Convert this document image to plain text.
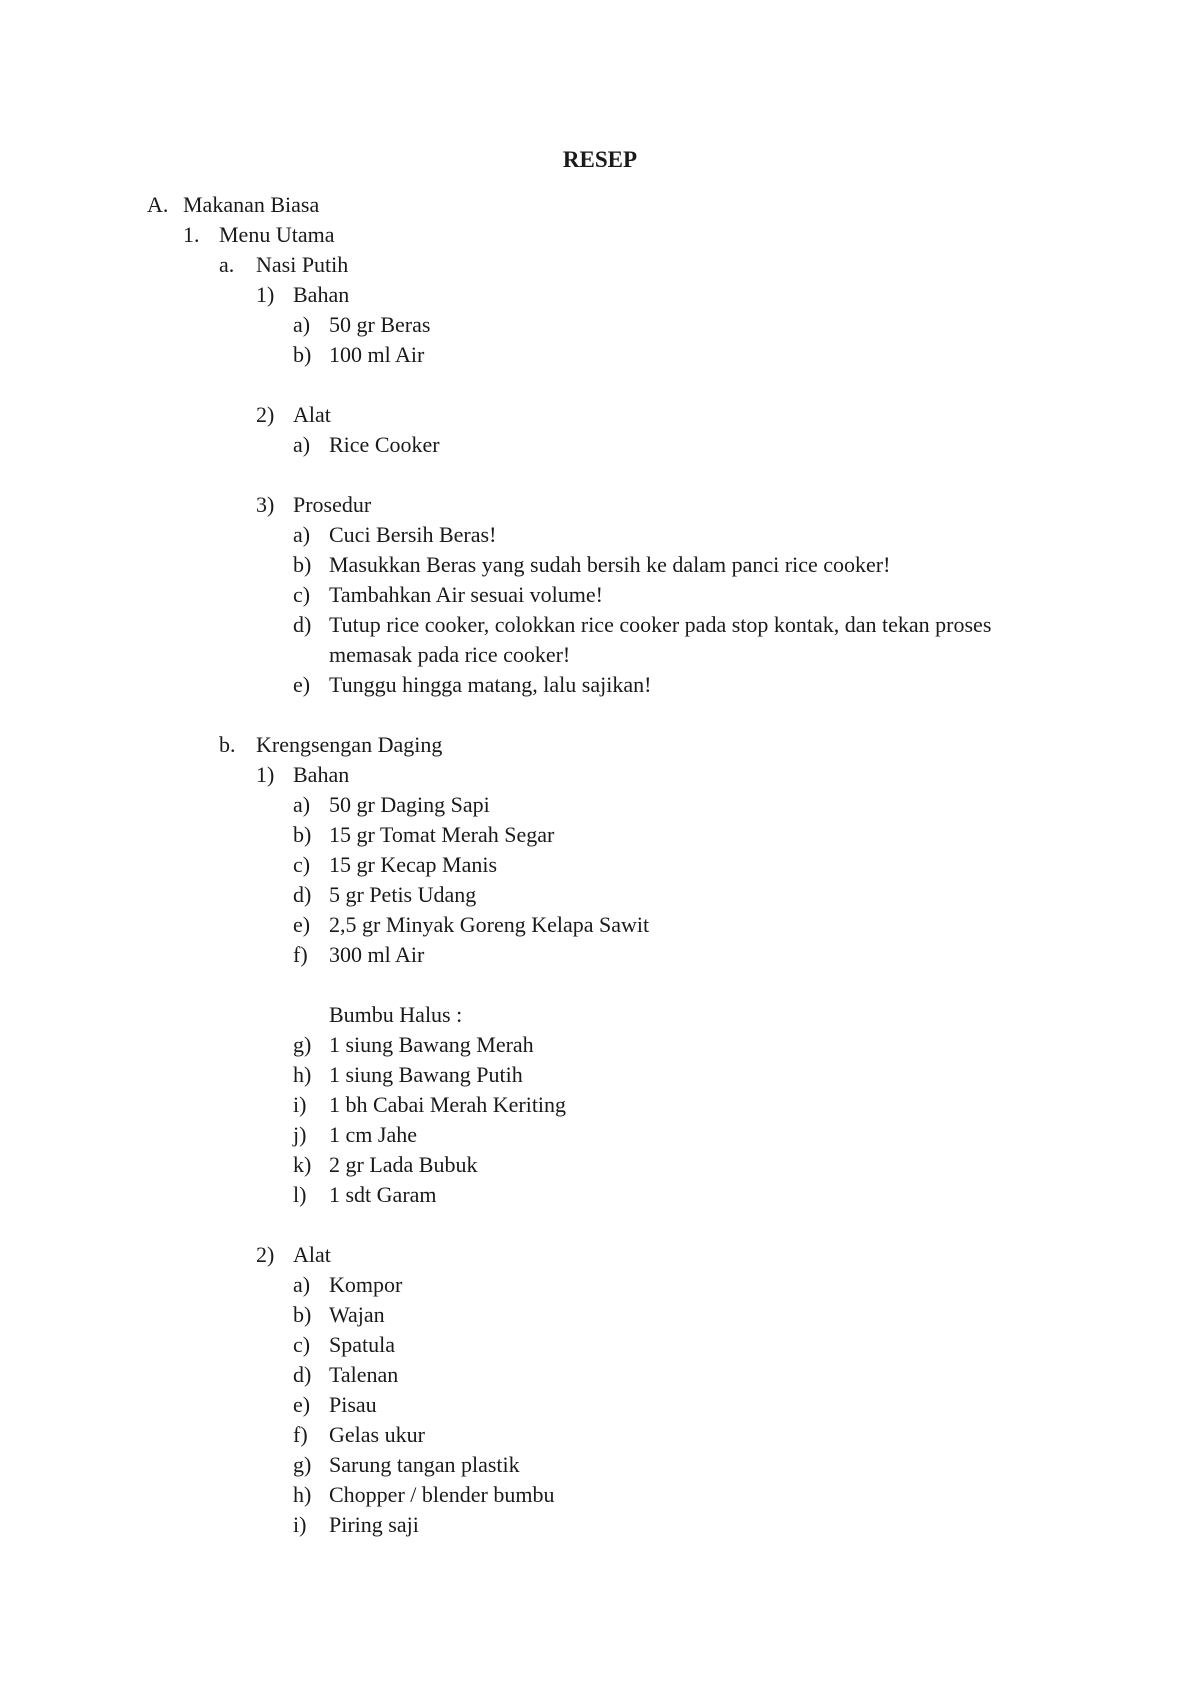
RESEP
A. Makanan Biasa
1. Menu Utama
a. Nasi Putih
1) Bahan
a) 50 gr Beras
b) 100 ml Air
2) Alat
a) Rice Cooker
3) Prosedur
a) Cuci Bersih Beras!
b) Masukkan Beras yang sudah bersih ke dalam panci rice cooker!
c) Tambahkan Air sesuai volume!
d) Tutup rice cooker, colokkan rice cooker pada stop kontak, dan tekan proses memasak pada rice cooker!
e) Tunggu hingga matang, lalu sajikan!
b. Krengsengan Daging
1) Bahan
a) 50 gr Daging Sapi
b) 15 gr Tomat Merah Segar
c) 15 gr Kecap Manis
d) 5 gr Petis Udang
e) 2,5 gr Minyak Goreng Kelapa Sawit
f) 300 ml Air
Bumbu Halus :
g) 1 siung Bawang Merah
h) 1 siung Bawang Putih
i) 1 bh Cabai Merah Keriting
j) 1 cm Jahe
k) 2 gr Lada Bubuk
l) 1 sdt Garam
2) Alat
a) Kompor
b) Wajan
c) Spatula
d) Talenan
e) Pisau
f) Gelas ukur
g) Sarung tangan plastik
h) Chopper / blender bumbu
i) Piring saji
